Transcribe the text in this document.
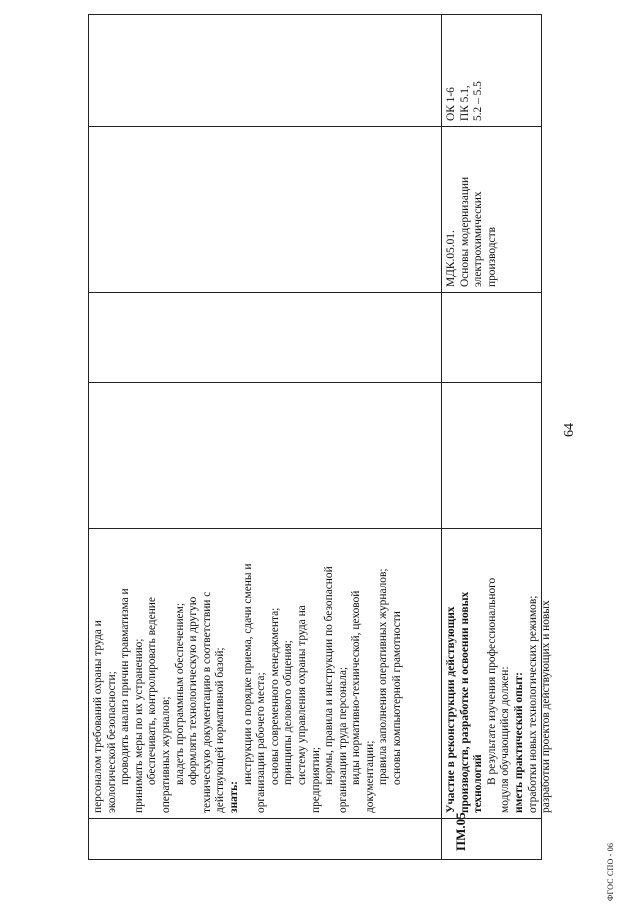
персоналом требований охраны труда и экологической безопасности; проводить анализ причин травматизма и принимать меры по их устранению; обеспечивать, контролировать ведение оперативных журналов; владеть программным обеспечением; оформлять технологическую и другую техническую документацию в соответствии с действующей нормативной базой; знать:
инструкции о порядке приема, сдачи смены и организации рабочего места; основы современного менеджмента; принципы делового общения; систему управления охраны труда на предприятии; нормы, правила и инструкции по безопасной организации труда персонала; виды нормативно-технической, цеховой документации; правила заполнения оперативных журналов; основы компьютерной грамотности
ПМ.05
Участие в реконструкции действующих производств, разработке и освоении новых технологий В результате изучения профессионального модуля обучающийся должен: иметь практический опыт: отработки новых технологических режимов; разработки проектов действующих и новых
МДК.05.01. Основы модернизации электрохимических производств
ОК 1-6 ПК 5.1, 5.2 – 5.5
64
ФГОС СПО - 06
